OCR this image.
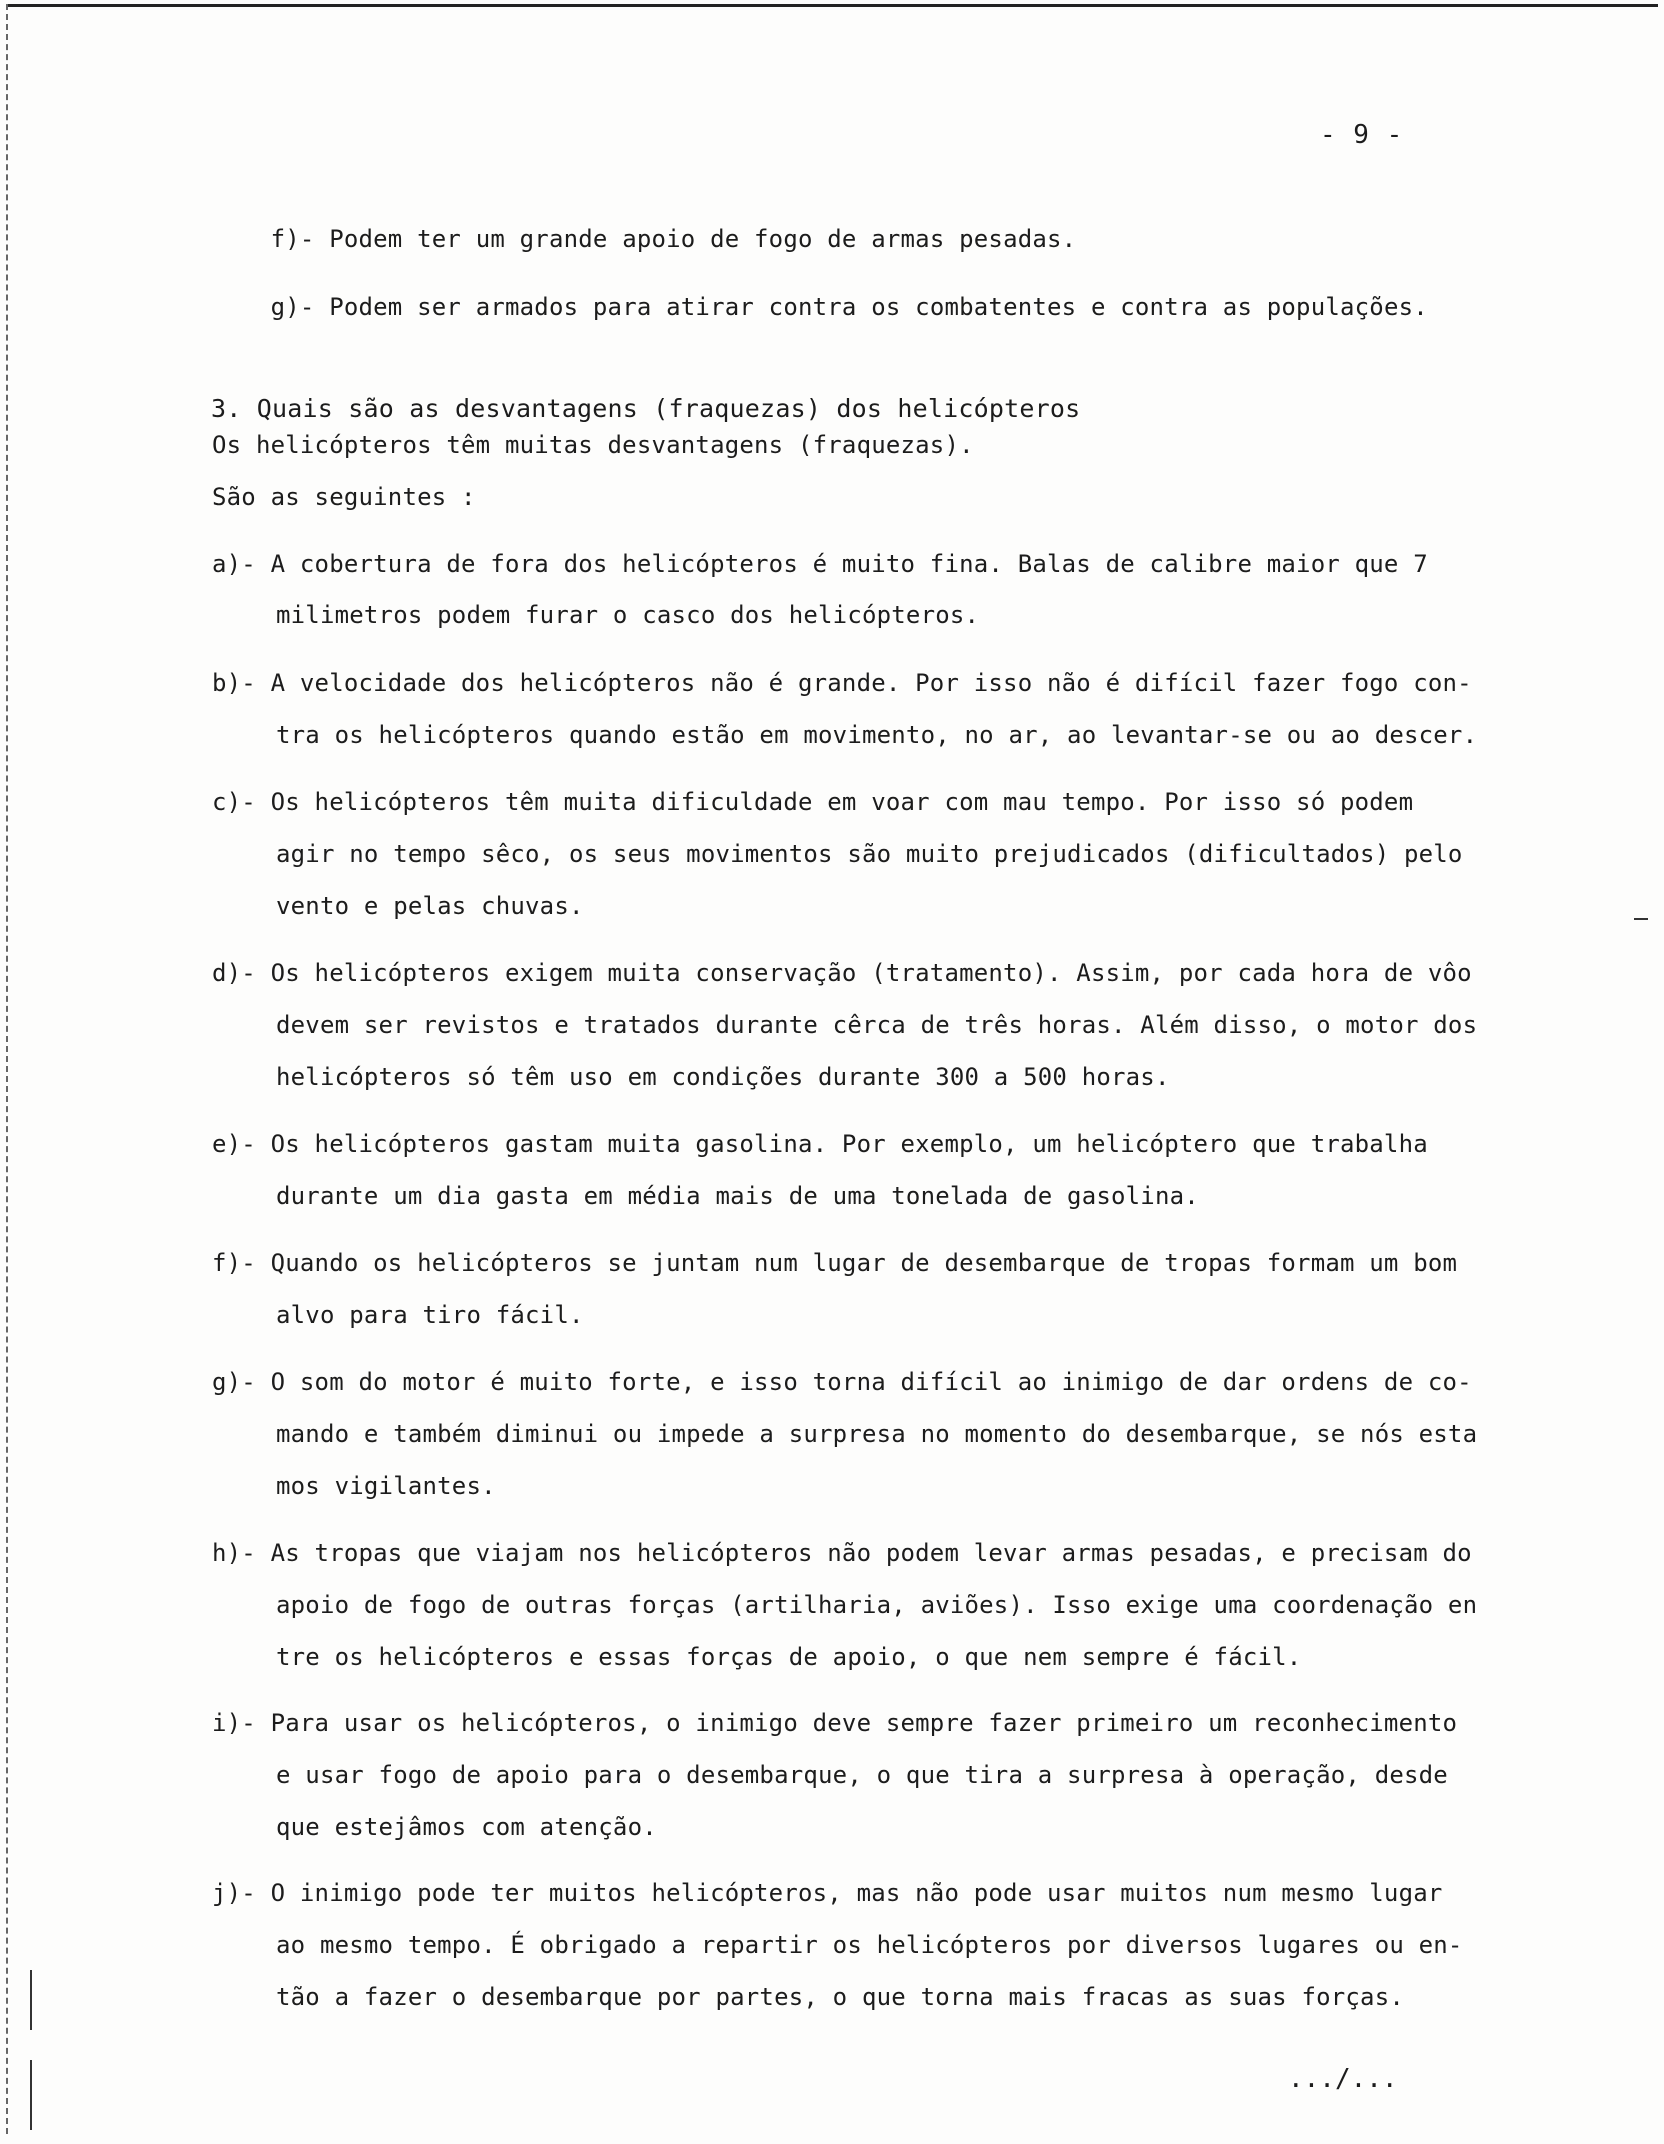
- 9 -

f)- Podem ter um grande apoio de fogo de armas pesadas.

g)- Podem ser armados para atirar contra os combatentes e contra as populações.

3. Quais são as desvantagens (fraquezas) dos helicópteros

Os helicópteros têm muitas desvantagens (fraquezas).
São as seguintes :
a)- A cobertura de fora dos helicópteros é muito fina. Balas de calibre maior que 7
milimetros podem furar o casco dos helicópteros.
b)- A velocidade dos helicópteros não é grande. Por isso não é difícil fazer fogo con-
tra os helicópteros quando estão em movimento, no ar, ao levantar-se ou ao descer.
c)- Os helicópteros têm muita dificuldade em voar com mau tempo. Por isso só podem
agir no tempo sêco, os seus movimentos são muito prejudicados (dificultados) pelo
vento e pelas chuvas.
d)- Os helicópteros exigem muita conservação (tratamento). Assim, por cada hora de vôo
devem ser revistos e tratados durante cêrca de três horas. Além disso, o motor dos
helicópteros só têm uso em condições durante 300 a 500 horas.
e)- Os helicópteros gastam muita gasolina. Por exemplo, um helicóptero que trabalha
durante um dia gasta em média mais de uma tonelada de gasolina.
f)- Quando os helicópteros se juntam num lugar de desembarque de tropas formam um bom
alvo para tiro fácil.
g)- O som do motor é muito forte, e isso torna difícil ao inimigo de dar ordens de co-
mando e também diminui ou impede a surpresa no momento do desembarque, se nós esta
mos vigilantes.
h)- As tropas que viajam nos helicópteros não podem levar armas pesadas, e precisam do
apoio de fogo de outras forças (artilharia, aviões). Isso exige uma coordenação en
tre os helicópteros e essas forças de apoio, o que nem sempre é fácil.
i)- Para usar os helicópteros, o inimigo deve sempre fazer primeiro um reconhecimento
e usar fogo de apoio para o desembarque, o que tira a surpresa à operação, desde
que estejâmos com atenção.
j)- O inimigo pode ter muitos helicópteros, mas não pode usar muitos num mesmo lugar
ao mesmo tempo. É obrigado a repartir os helicópteros por diversos lugares ou en-
tão a fazer o desembarque por partes, o que torna mais fracas as suas forças.
.../...
